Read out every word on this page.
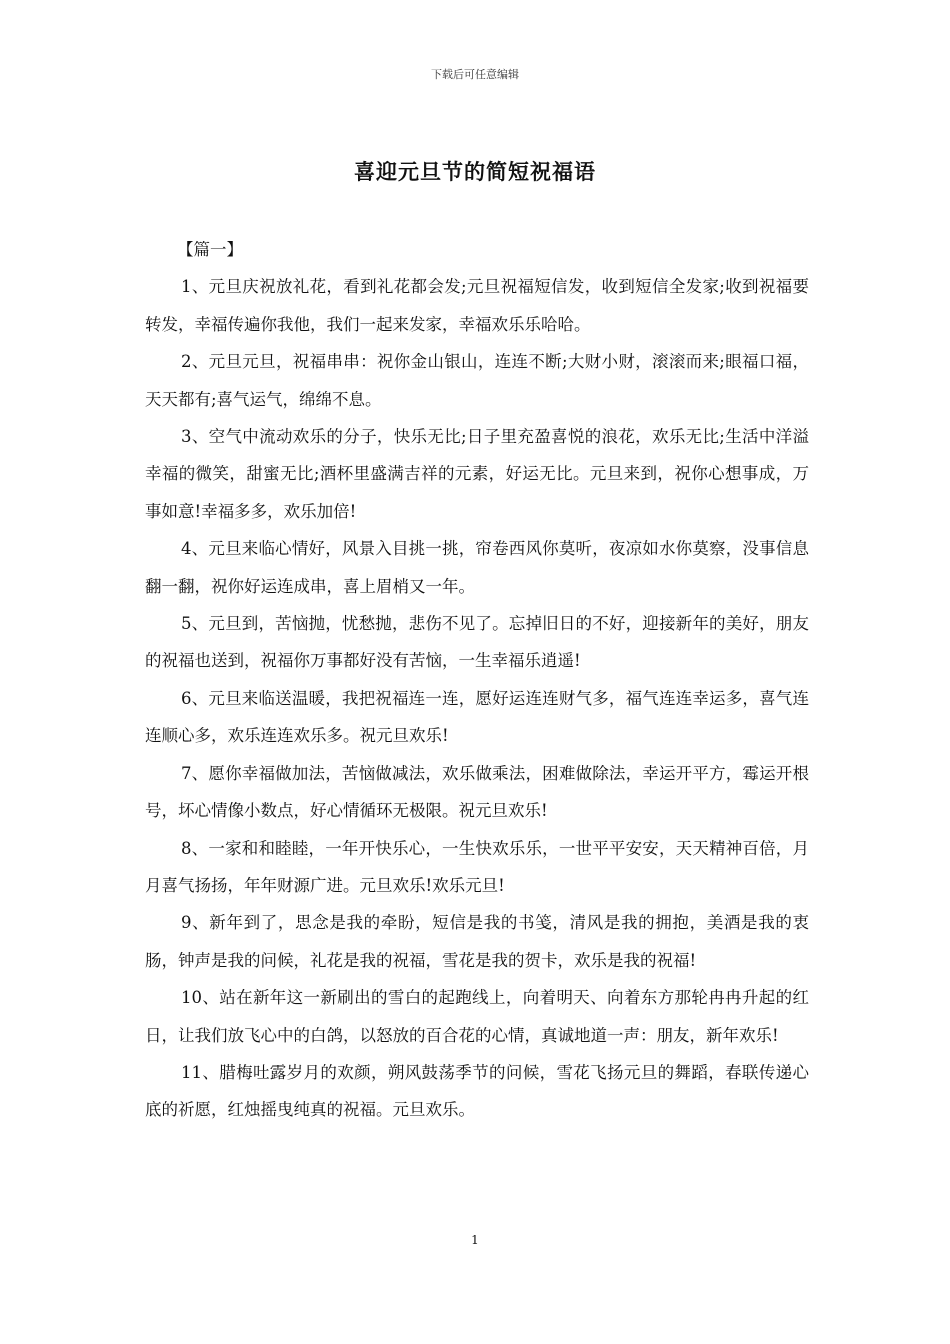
下载后可任意编辑
喜迎元旦节的简短祝福语

【篇一】

1、元旦庆祝放礼花，看到礼花都会发;元旦祝福短信发，收到短信全发家;收到祝福要转发，幸福传遍你我他，我们一起来发家，幸福欢乐乐哈哈。

2、元旦元旦，祝福串串：祝你金山银山，连连不断;大财小财，滚滚而来;眼福口福，天天都有;喜气运气，绵绵不息。

3、空气中流动欢乐的分子，快乐无比;日子里充盈喜悦的浪花，欢乐无比;生活中洋溢幸福的微笑，甜蜜无比;酒杯里盛满吉祥的元素，好运无比。元旦来到，祝你心想事成，万事如意!幸福多多，欢乐加倍!

4、元旦来临心情好，风景入目挑一挑，帘卷西风你莫听，夜凉如水你莫察，没事信息翻一翻，祝你好运连成串，喜上眉梢又一年。

5、元旦到，苦恼抛，忧愁抛，悲伤不见了。忘掉旧日的不好，迎接新年的美好，朋友的祝福也送到，祝福你万事都好没有苦恼，一生幸福乐逍遥!

6、元旦来临送温暖，我把祝福连一连，愿好运连连财气多，福气连连幸运多，喜气连连顺心多，欢乐连连欢乐多。祝元旦欢乐!

7、愿你幸福做加法，苦恼做减法，欢乐做乘法，困难做除法，幸运开平方，霉运开根号，坏心情像小数点，好心情循环无极限。祝元旦欢乐!

8、一家和和睦睦，一年开快乐心，一生快欢乐乐，一世平平安安，天天精神百倍，月月喜气扬扬，年年财源广进。元旦欢乐!欢乐元旦!

9、新年到了，思念是我的牵盼，短信是我的书笺，清风是我的拥抱，美酒是我的衷肠，钟声是我的问候，礼花是我的祝福，雪花是我的贺卡，欢乐是我的祝福!

10、站在新年这一新刷出的雪白的起跑线上，向着明天、向着东方那轮冉冉升起的红日，让我们放飞心中的白鸽，以怒放的百合花的心情，真诚地道一声：朋友，新年欢乐!

11、腊梅吐露岁月的欢颜，朔风鼓荡季节的问候，雪花飞扬元旦的舞蹈，春联传递心底的祈愿，红烛摇曳纯真的祝福。元旦欢乐。

1
